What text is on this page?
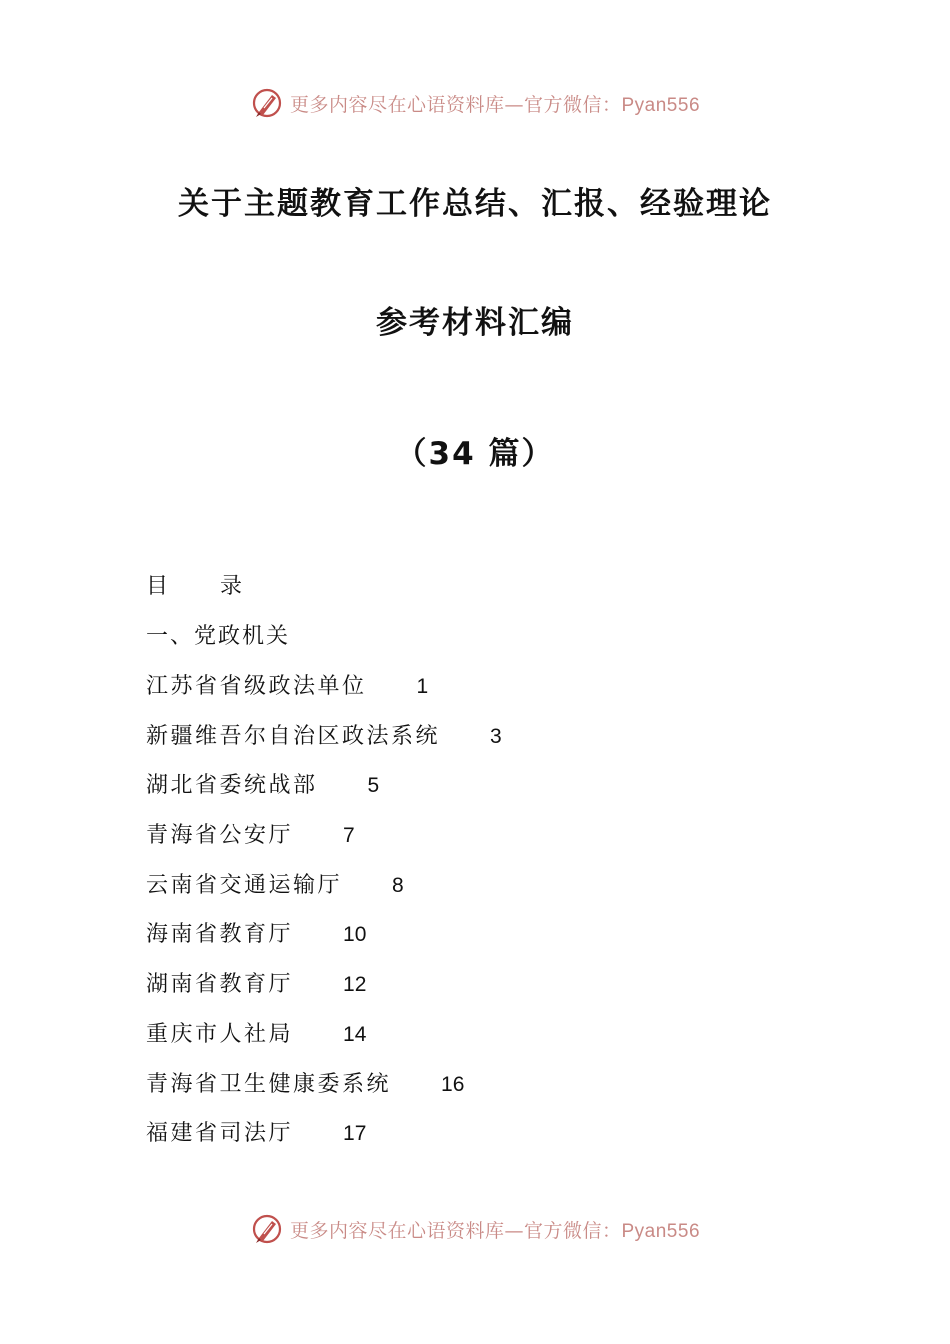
更多内容尽在心语资料库—官方微信：Pyan556
关于主题教育工作总结、汇报、经验理论
参考材料汇编
（34 篇）
目 录
一、党政机关
江苏省省级政法单位 1
新疆维吾尔自治区政法系统 3
湖北省委统战部 5
青海省公安厅 7
云南省交通运输厅 8
海南省教育厅 10
湖南省教育厅 12
重庆市人社局 14
青海省卫生健康委系统 16
福建省司法厅 17
更多内容尽在心语资料库—官方微信：Pyan556
